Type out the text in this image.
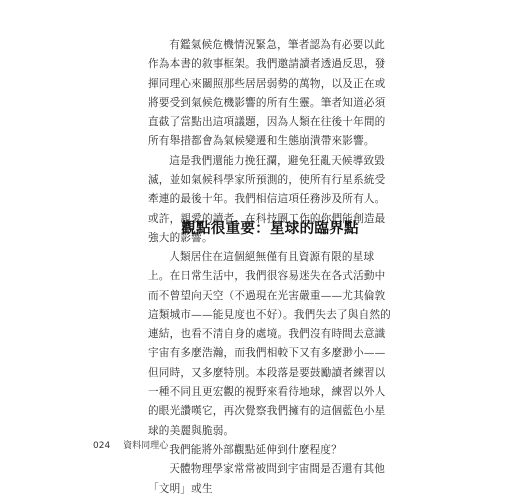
有鑑氣候危機情況緊急，筆者認為有必要以此作為本書的敘事框架。我們邀請讀者透過反思，發揮同理心來關照那些居居弱勢的萬物，以及正在或將要受到氣候危機影響的所有生靈。筆者知道必須直截了當點出這項議題，因為人類在往後十年間的所有舉措都會為氣候變遷和生態崩潰帶來影響。

這是我們還能力挽狂瀾，避免狂亂天候導致毀滅，並如氣候科學家所預測的，使所有行星系統受牽連的最後十年。我們相信這項任務涉及所有人。或許，親愛的讀者，在科技圈工作的你們能創造最強大的影響。

觀點很重要：星球的臨界點

人類居住在這個絕無僅有且資源有限的星球上。在日常生活中，我們很容易迷失在各式活動中而不曾望向天空（不過現在光害嚴重——尤其倫敦這類城市——能見度也不好）。我們失去了與自然的連結，也看不清自身的處境。我們沒有時間去意識宇宙有多麼浩瀚，而我們相較下又有多麼渺小——但同時，又多麼特別。本段落是要鼓勵讀者練習以一種不同且更宏觀的視野來看待地球，練習以外人的眼光讚嘆它，再次覺察我們擁有的這個藍色小星球的美麗與脆弱。

我們能將外部觀點延伸到什麼程度？

天體物理學家常常被問到宇宙間是否還有其他「文明」或生

024 資料同理心
